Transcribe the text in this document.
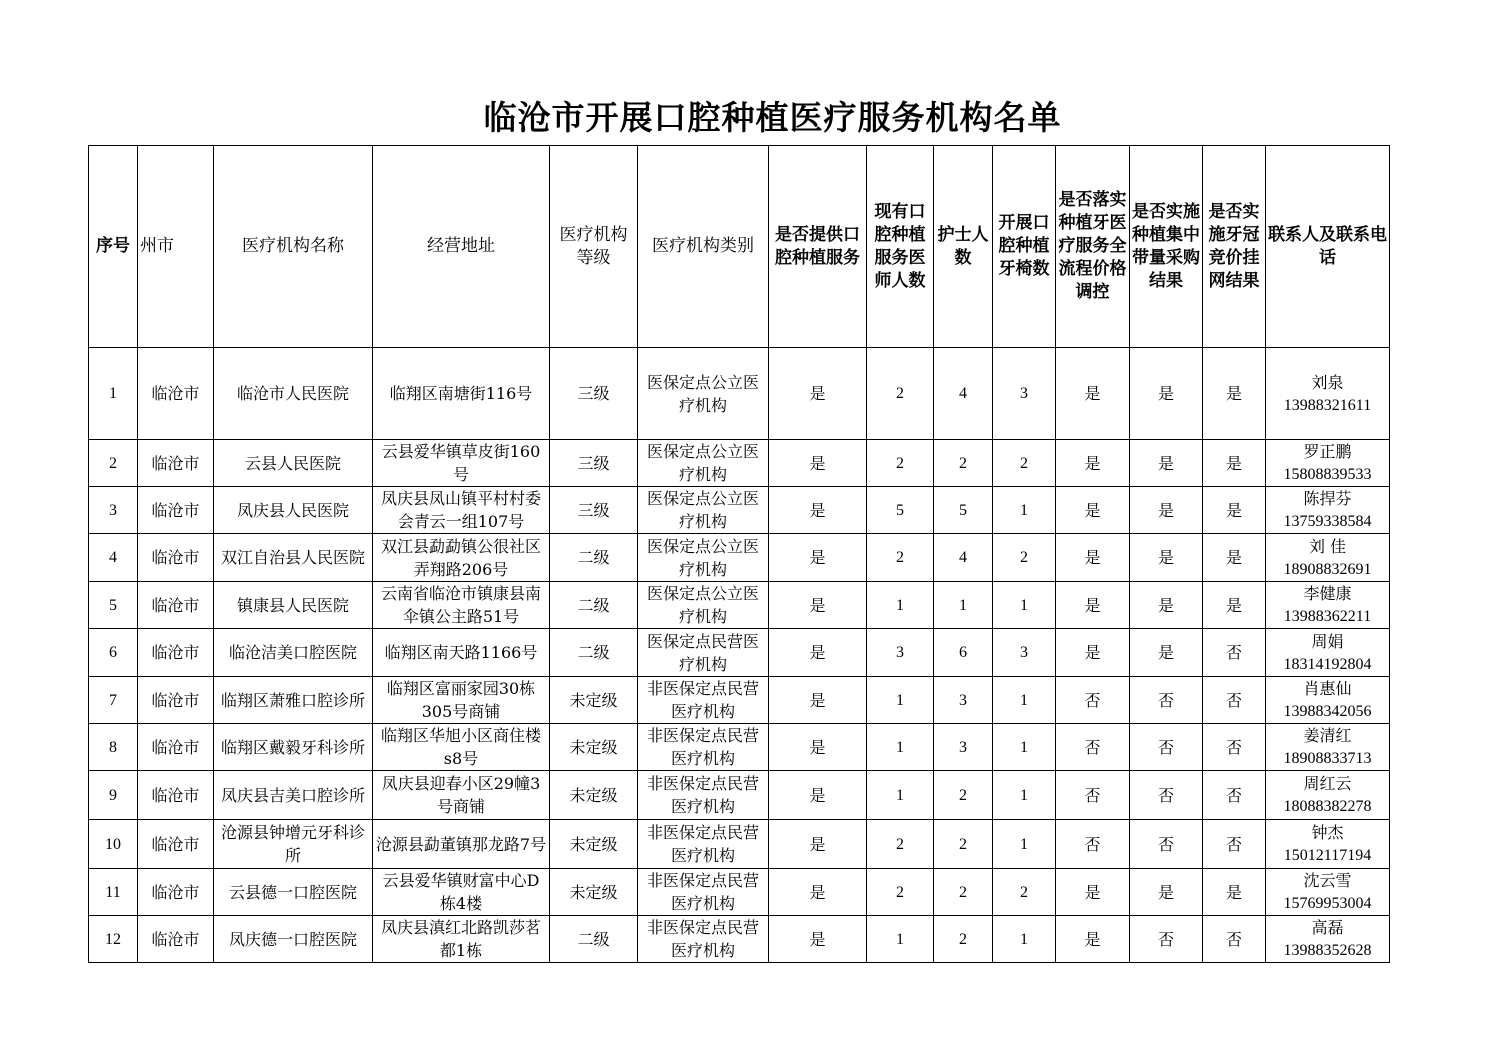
临沧市开展口腔种植医疗服务机构名单
序号	州市	医疗机构名称	经营地址	医疗机构等级	医疗机构类别	是否提供口腔种植服务	现有口腔种植服务医师人数	护士人数	开展口腔种植牙椅数	是否落实种植牙医疗服务全流程价格调控	是否实施种植集中带量采购结果	是否实施牙冠竞价挂网结果	联系人及联系电话
1	临沧市	临沧市人民医院	临翔区南塘街116号	三级	医保定点公立医疗机构	是	2	4	3	是	是	是	刘泉
13988321611

2	临沧市	云县人民医院	云县爱华镇草皮街160号	三级	医保定点公立医疗机构	是	2	2	2	是	是	是	罗正鹏
15808839533

3	临沧市	凤庆县人民医院	凤庆县凤山镇平村村委会青云一组107号	三级	医保定点公立医疗机构	是	5	5	1	是	是	是	陈捍芬
13759338584

4	临沧市	双江自治县人民医院	双江县勐勐镇公很社区弄翔路206号	二级	医保定点公立医疗机构	是	2	4	2	是	是	是	刘 佳
18908832691

5	临沧市	镇康县人民医院	云南省临沧市镇康县南伞镇公主路51号	二级	医保定点公立医疗机构	是	1	1	1	是	是	是	李健康
13988362211

6	临沧市	临沧洁美口腔医院	临翔区南天路1166号	二级	医保定点民营医疗机构	是	3	6	3	是	是	否	周娟
18314192804

7	临沧市	临翔区萧雅口腔诊所	临翔区富丽家园30栋305号商铺	未定级	非医保定点民营医疗机构	是	1	3	1	否	否	否	肖惠仙
13988342056

8	临沧市	临翔区戴毅牙科诊所	临翔区华旭小区商住楼s8号	未定级	非医保定点民营医疗机构	是	1	3	1	否	否	否	姜清红
18908833713

9	临沧市	凤庆县吉美口腔诊所	凤庆县迎春小区29幢3号商铺	未定级	非医保定点民营医疗机构	是	1	2	1	否	否	否	周红云
18088382278

10	临沧市	沧源县钟增元牙科诊所	沧源县勐董镇那龙路7号	未定级	非医保定点民营医疗机构	是	2	2	1	否	否	否	钟杰
15012117194

11	临沧市	云县德一口腔医院	云县爱华镇财富中心D栋4楼	未定级	非医保定点民营医疗机构	是	2	2	2	是	是	是	沈云雪
15769953004

12	临沧市	凤庆德一口腔医院	凤庆县滇红北路凯莎茗都1栋	二级	非医保定点民营医疗机构	是	1	2	1	是	否	否	高磊
13988352628
